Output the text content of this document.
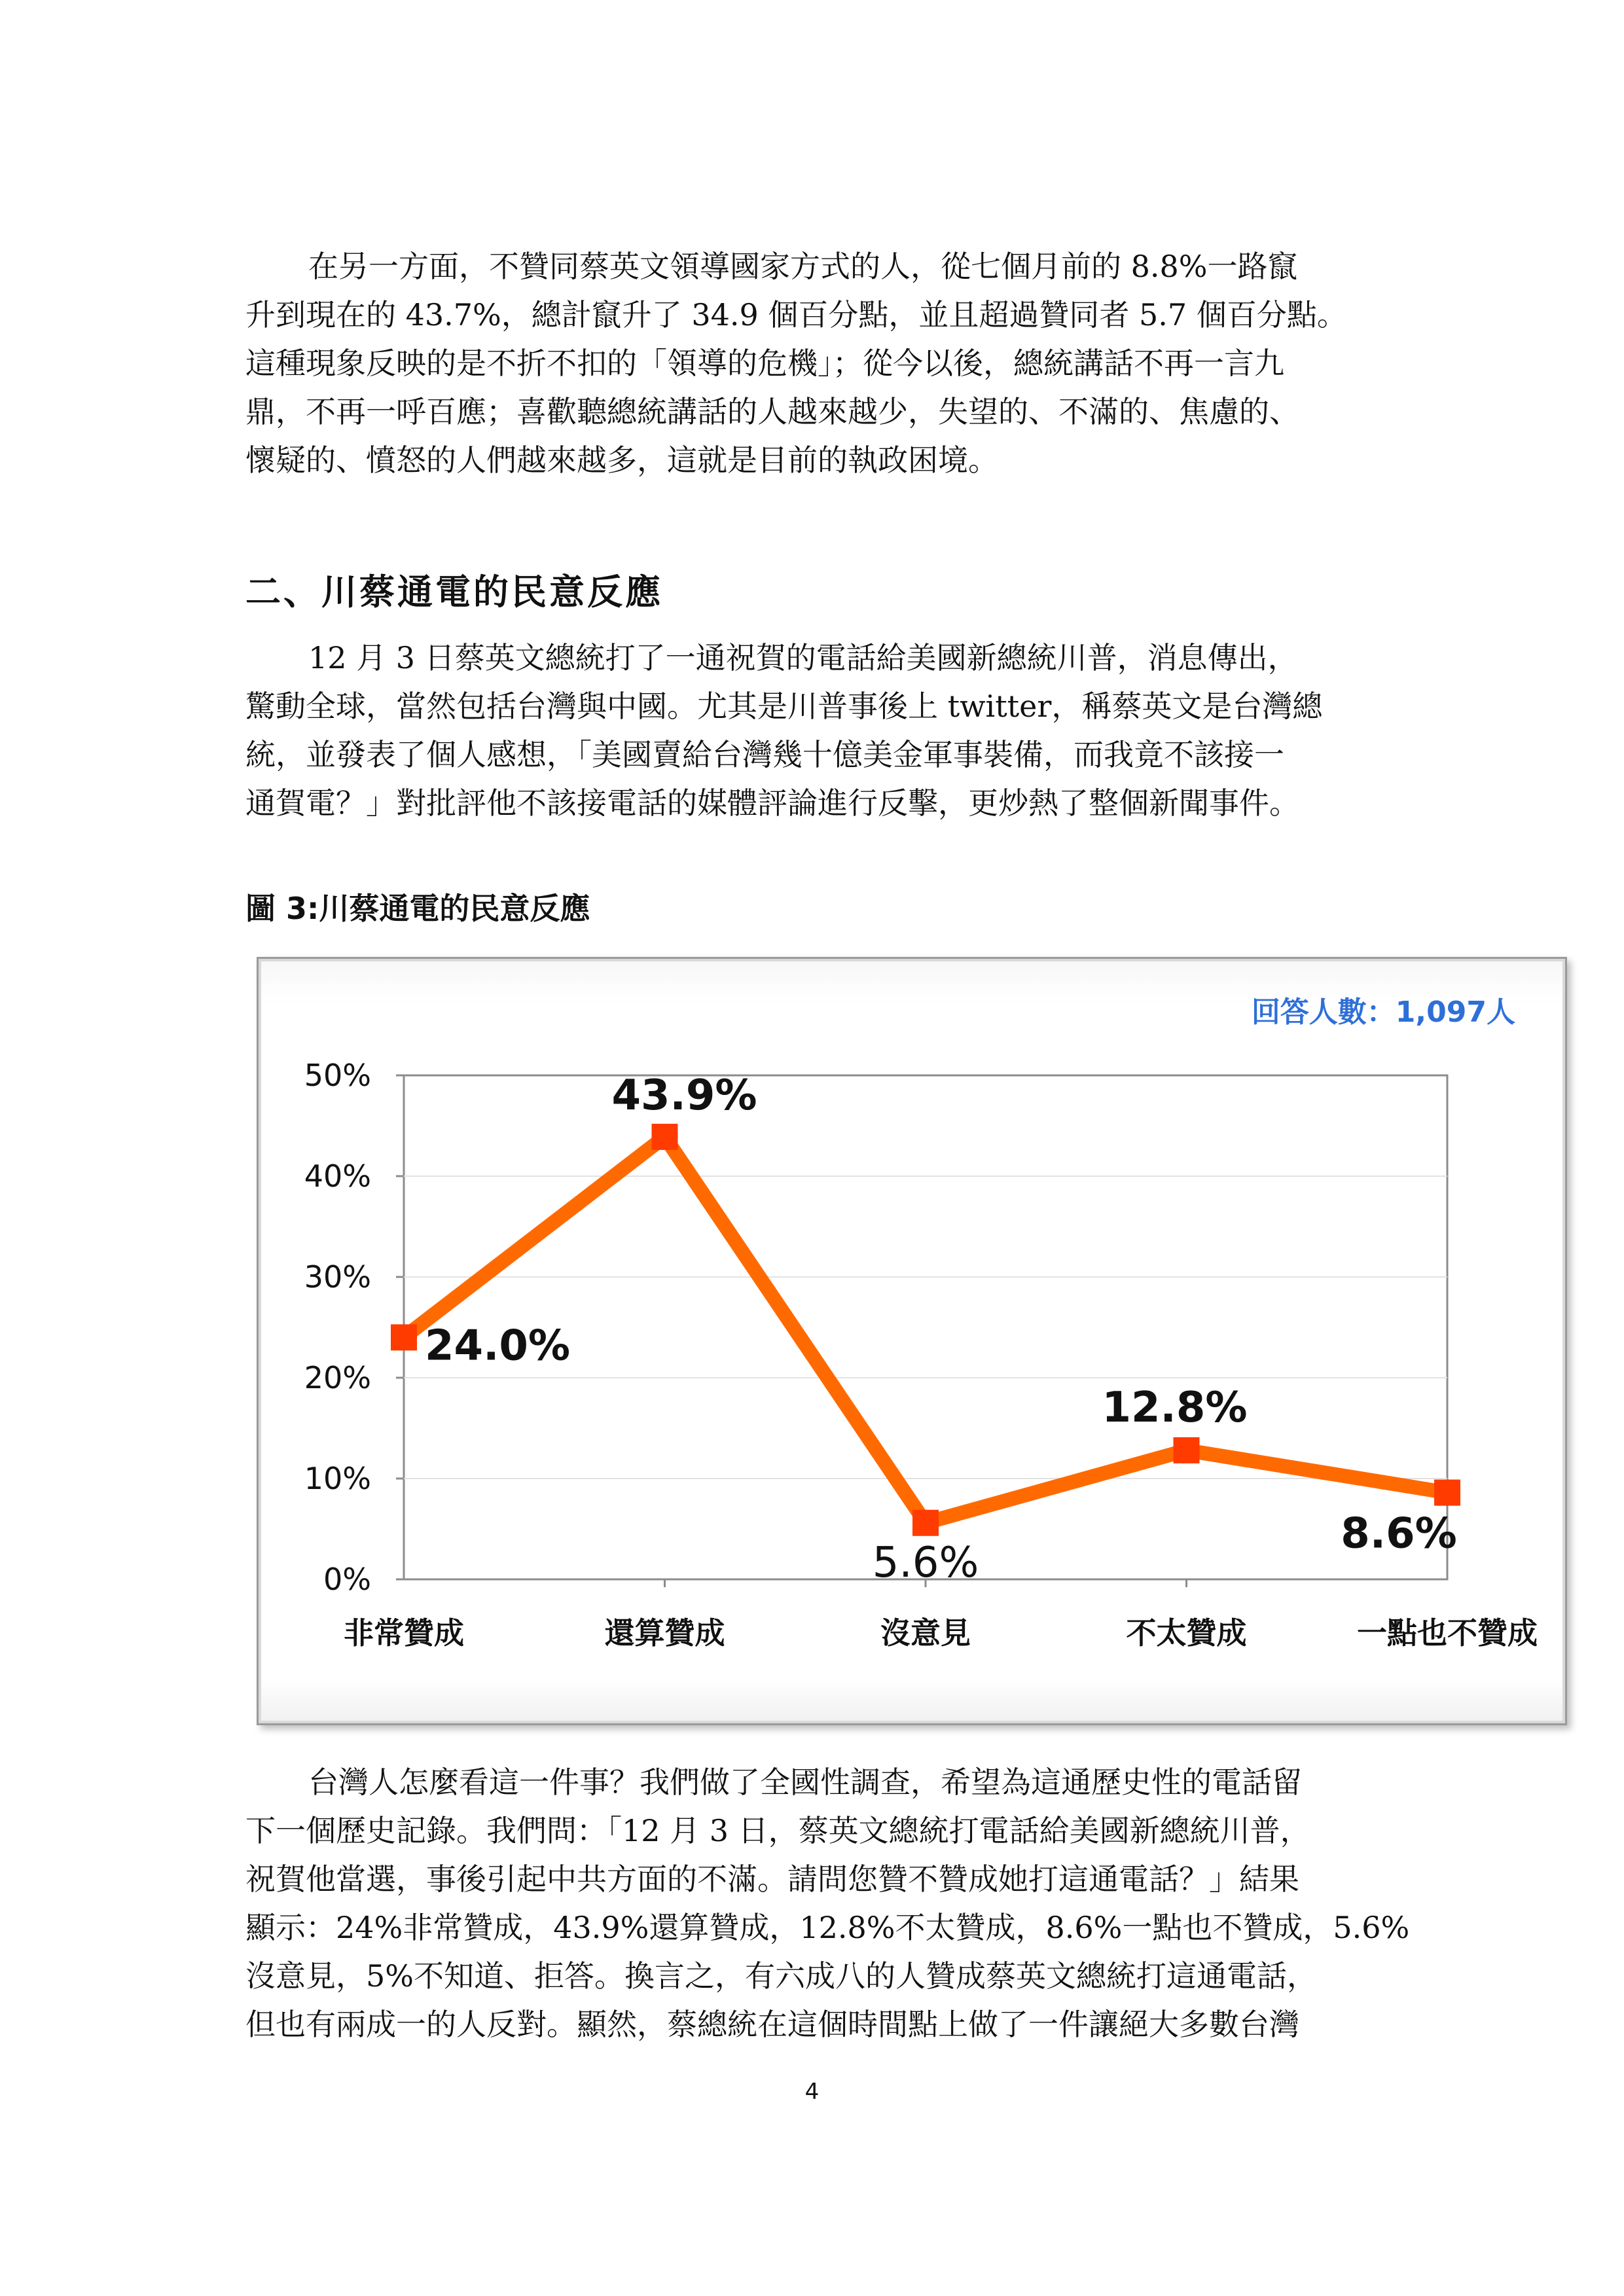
在另一方面，不贊同蔡英文領導國家方式的人，從七個月前的 8.8%一路竄
升到現在的 43.7%，總計竄升了 34.9 個百分點，並且超過贊同者 5.7 個百分點。
這種現象反映的是不折不扣的「領導的危機」；從今以後，總統講話不再一言九
鼎，不再一呼百應；喜歡聽總統講話的人越來越少，失望的、不滿的、焦慮的、
懷疑的、憤怒的人們越來越多，這就是目前的執政困境。
二、川蔡通電的民意反應
12 月 3 日蔡英文總統打了一通祝賀的電話給美國新總統川普，消息傳出，
驚動全球，當然包括台灣與中國。尤其是川普事後上 twitter，稱蔡英文是台灣總
統，並發表了個人感想，「美國賣給台灣幾十億美金軍事裝備，而我竟不該接一
通賀電？」對批評他不該接電話的媒體評論進行反擊，更炒熱了整個新聞事件。

圖 3:川蔡通電的民意反應

0%
10%
20%
30%
40%
50%
非常贊成	還算贊成	沒意見	不太贊成	一點也不贊成
24.0%
43.9%
5.6%
12.8%
8.6%
回答人數：1,097人
台灣人怎麼看這一件事？我們做了全國性調查，希望為這通歷史性的電話留
下一個歷史記錄。我們問：「12 月 3 日，蔡英文總統打電話給美國新總統川普，
祝賀他當選，事後引起中共方面的不滿。請問您贊不贊成她打這通電話？」結果
顯示：24%非常贊成，43.9%還算贊成，12.8%不太贊成，8.6%一點也不贊成，5.6%
沒意見，5%不知道、拒答。換言之，有六成八的人贊成蔡英文總統打這通電話，
但也有兩成一的人反對。顯然，蔡總統在這個時間點上做了一件讓絕大多數台灣
4
